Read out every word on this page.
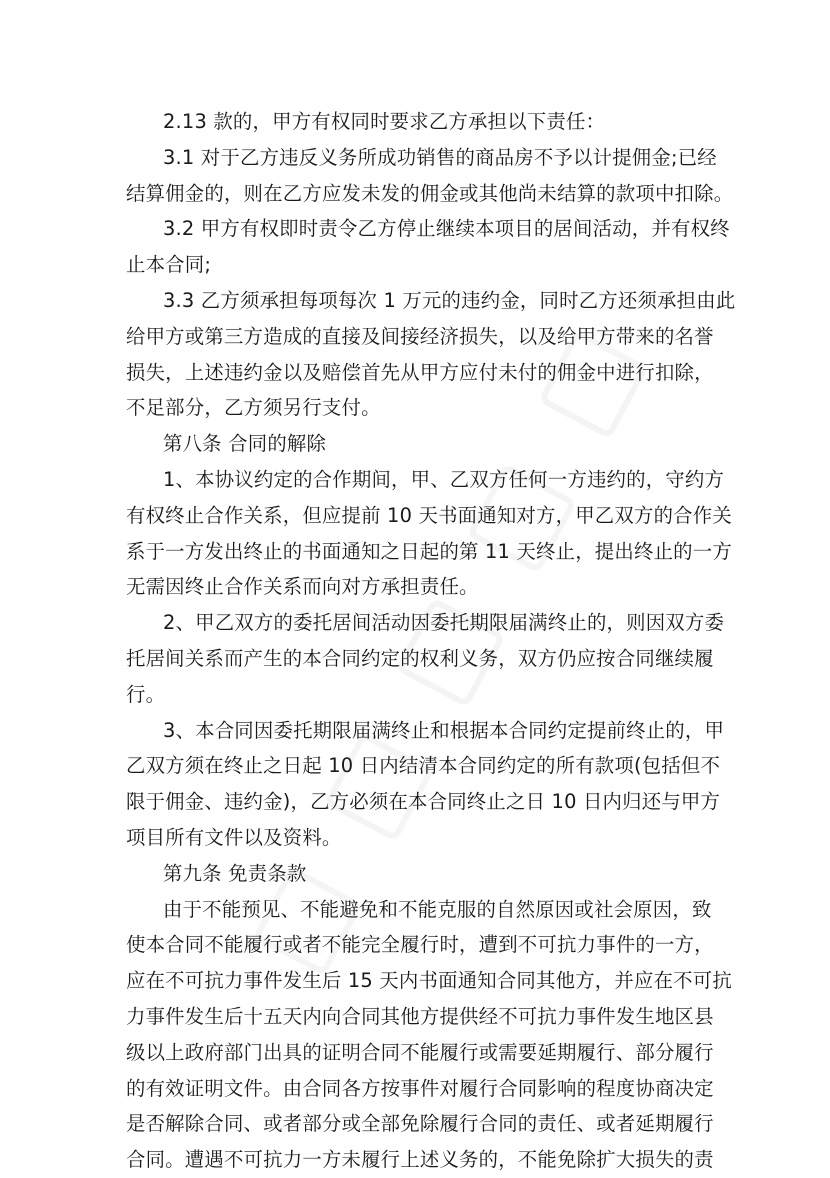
2.13 款的，甲方有权同时要求乙方承担以下责任：
3.1 对于乙方违反义务所成功销售的商品房不予以计提佣金;已经
结算佣金的，则在乙方应发未发的佣金或其他尚未结算的款项中扣除。
3.2 甲方有权即时责令乙方停止继续本项目的居间活动，并有权终
止本合同;
3.3 乙方须承担每项每次 1 万元的违约金，同时乙方还须承担由此
给甲方或第三方造成的直接及间接经济损失，以及给甲方带来的名誉
损失，上述违约金以及赔偿首先从甲方应付未付的佣金中进行扣除，
不足部分，乙方须另行支付。
第八条 合同的解除
1、本协议约定的合作期间，甲、乙双方任何一方违约的，守约方
有权终止合作关系，但应提前 10 天书面通知对方，甲乙双方的合作关
系于一方发出终止的书面通知之日起的第 11 天终止，提出终止的一方
无需因终止合作关系而向对方承担责任。
2、甲乙双方的委托居间活动因委托期限届满终止的，则因双方委
托居间关系而产生的本合同约定的权利义务，双方仍应按合同继续履
行。
3、本合同因委托期限届满终止和根据本合同约定提前终止的，甲
乙双方须在终止之日起 10 日内结清本合同约定的所有款项(包括但不
限于佣金、违约金)，乙方必须在本合同终止之日 10 日内归还与甲方
项目所有文件以及资料。
第九条 免责条款
由于不能预见、不能避免和不能克服的自然原因或社会原因，致
使本合同不能履行或者不能完全履行时，遭到不可抗力事件的一方，
应在不可抗力事件发生后 15 天内书面通知合同其他方，并应在不可抗
力事件发生后十五天内向合同其他方提供经不可抗力事件发生地区县
级以上政府部门出具的证明合同不能履行或需要延期履行、部分履行
的有效证明文件。由合同各方按事件对履行合同影响的程度协商决定
是否解除合同、或者部分或全部免除履行合同的责任、或者延期履行
合同。遭遇不可抗力一方未履行上述义务的，不能免除扩大损失的责
